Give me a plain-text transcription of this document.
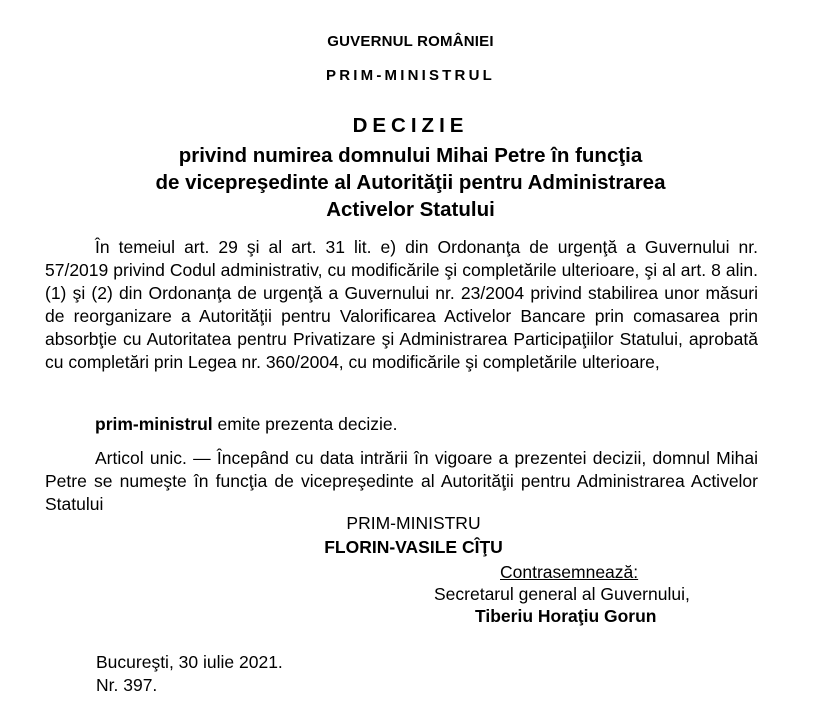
GUVERNUL ROMÂNIEI
PRIM-MINISTRUL
DECIZIE
privind numirea domnului Mihai Petre în funcţia
de vicepreşedinte al Autorităţii pentru Administrarea
Activelor Statului
În temeiul art. 29 şi al art. 31 lit. e) din Ordonanţa de urgenţă a Guvernului nr. 57/2019 privind Codul administrativ, cu modificările şi completările ulterioare, şi al art. 8 alin. (1) şi (2) din Ordonanţa de urgenţă a Guvernului nr. 23/2004 privind stabilirea unor măsuri de reorganizare a Autorităţii pentru Valorificarea Activelor Bancare prin comasarea prin absorbţie cu Autoritatea pentru Privatizare şi Administrarea Participaţiilor Statului, aprobată cu completări prin Legea nr. 360/2004, cu modificările şi completările ulterioare,
prim-ministrul emite prezenta decizie.
Articol unic. — Începând cu data intrării în vigoare a prezentei decizii, domnul Mihai Petre se numeşte în funcţia de vicepreşedinte al Autorităţii pentru Administrarea Activelor Statului
PRIM-MINISTRU
FLORIN-VASILE CÎŢU
Contrasemnează:
Secretarul general al Guvernului,
Tiberiu Horaţiu Gorun
Bucureşti, 30 iulie 2021.
Nr. 397.
